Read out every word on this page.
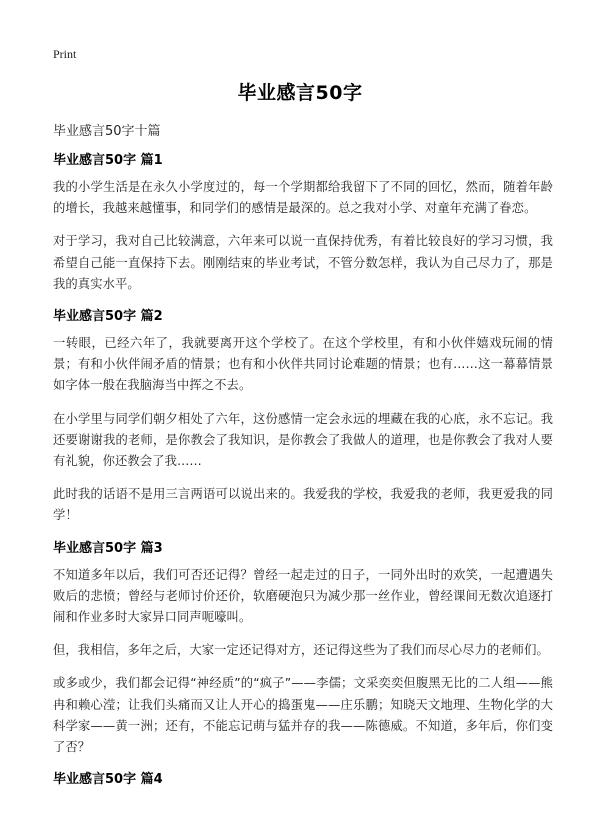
Print
毕业感言50字
毕业感言50字十篇
毕业感言50字 篇1

我的小学生活是在永久小学度过的，每一个学期都给我留下了不同的回忆，然而，随着年龄的增长，我越来越懂事，和同学们的感情是最深的。总之我对小学、对童年充满了眷恋。

对于学习，我对自己比较满意，六年来可以说一直保持优秀，有着比较良好的学习习惯，我希望自己能一直保持下去。刚刚结束的毕业考试，不管分数怎样，我认为自己尽力了，那是我的真实水平。

毕业感言50字 篇2

一转眼，已经六年了，我就要离开这个学校了。在这个学校里，有和小伙伴嬉戏玩闹的情景；有和小伙伴闹矛盾的情景；也有和小伙伴共同讨论难题的情景；也有……这一幕幕情景如字体一般在我脑海当中挥之不去。

在小学里与同学们朝夕相处了六年，这份感情一定会永远的埋藏在我的心底，永不忘记。我还要谢谢我的老师，是你教会了我知识，是你教会了我做人的道理，也是你教会了我对人要有礼貌，你还教会了我……

此时我的话语不是用三言两语可以说出来的。我爱我的学校，我爱我的老师，我更爱我的同学！

毕业感言50字 篇3

不知道多年以后，我们可否还记得？曾经一起走过的日子，一同外出时的欢笑，一起遭遇失败后的悲愤；曾经与老师讨价还价，软磨硬泡只为减少那一丝作业，曾经课间无数次追逐打闹和作业多时大家异口同声呃嚎叫。

但，我相信，多年之后，大家一定还记得对方，还记得这些为了我们而尽心尽力的老师们。

或多或少，我们都会记得“神经质”的“疯子”——李儒；文采奕奕但腹黑无比的二人组——熊冉和赖心滢；让我们头痛而又让人开心的捣蛋鬼——庄乐鹏；知晓天文地理、生物化学的大科学家——黄一洲；还有，不能忘记萌与猛并存的我——陈德威。不知道，多年后，你们变了否？

毕业感言50字 篇4
